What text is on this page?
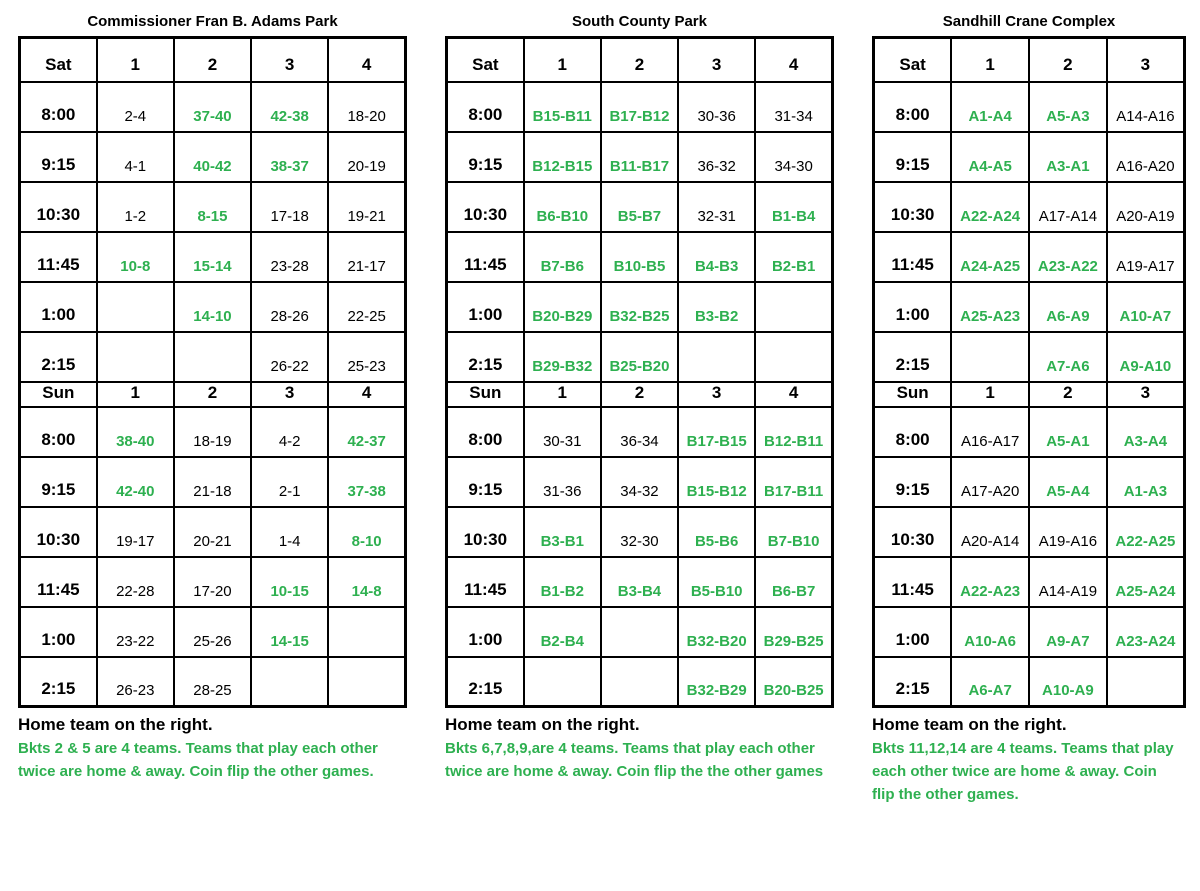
Commissioner Fran B. Adams Park
Sat	1	2	3	4
8:00	2-4	37-40	42-38	18-20
9:15	4-1	40-42	38-37	20-19
10:30	1-2	8-15	17-18	19-21
11:45	10-8	15-14	23-28	21-17
1:00		14-10	28-26	22-25
2:15			26-22	25-23
Sun	1	2	3	4
8:00	38-40	18-19	4-2	42-37
9:15	42-40	21-18	2-1	37-38
10:30	19-17	20-21	1-4	8-10
11:45	22-28	17-20	10-15	14-8
1:00	23-22	25-26	14-15	
2:15	26-23	28-25		
Home team on the right.
Bkts 2 & 5 are 4 teams. Teams that play each other
twice are home & away. Coin flip the other games.
South County Park
Sat	1	2	3	4
8:00	B15-B11	B17-B12	30-36	31-34
9:15	B12-B15	B11-B17	36-32	34-30
10:30	B6-B10	B5-B7	32-31	B1-B4
11:45	B7-B6	B10-B5	B4-B3	B2-B1
1:00	B20-B29	B32-B25	B3-B2	
2:15	B29-B32	B25-B20		
Sun	1	2	3	4
8:00	30-31	36-34	B17-B15	B12-B11
9:15	31-36	34-32	B15-B12	B17-B11
10:30	B3-B1	32-30	B5-B6	B7-B10
11:45	B1-B2	B3-B4	B5-B10	B6-B7
1:00	B2-B4		B32-B20	B29-B25
2:15			B32-B29	B20-B25
Home team on the right.
Bkts 6,7,8,9,are 4 teams. Teams that play each other
twice are home & away. Coin flip the the other games
Sandhill Crane Complex
Sat	1	2	3
8:00	A1-A4	A5-A3	A14-A16
9:15	A4-A5	A3-A1	A16-A20
10:30	A22-A24	A17-A14	A20-A19
11:45	A24-A25	A23-A22	A19-A17
1:00	A25-A23	A6-A9	A10-A7
2:15		A7-A6	A9-A10
Sun	1	2	3
8:00	A16-A17	A5-A1	A3-A4
9:15	A17-A20	A5-A4	A1-A3
10:30	A20-A14	A19-A16	A22-A25
11:45	A22-A23	A14-A19	A25-A24
1:00	A10-A6	A9-A7	A23-A24
2:15	A6-A7	A10-A9	
Home team on the right.
Bkts 11,12,14 are 4 teams. Teams that play
each other twice are home & away. Coin
flip the other games.
